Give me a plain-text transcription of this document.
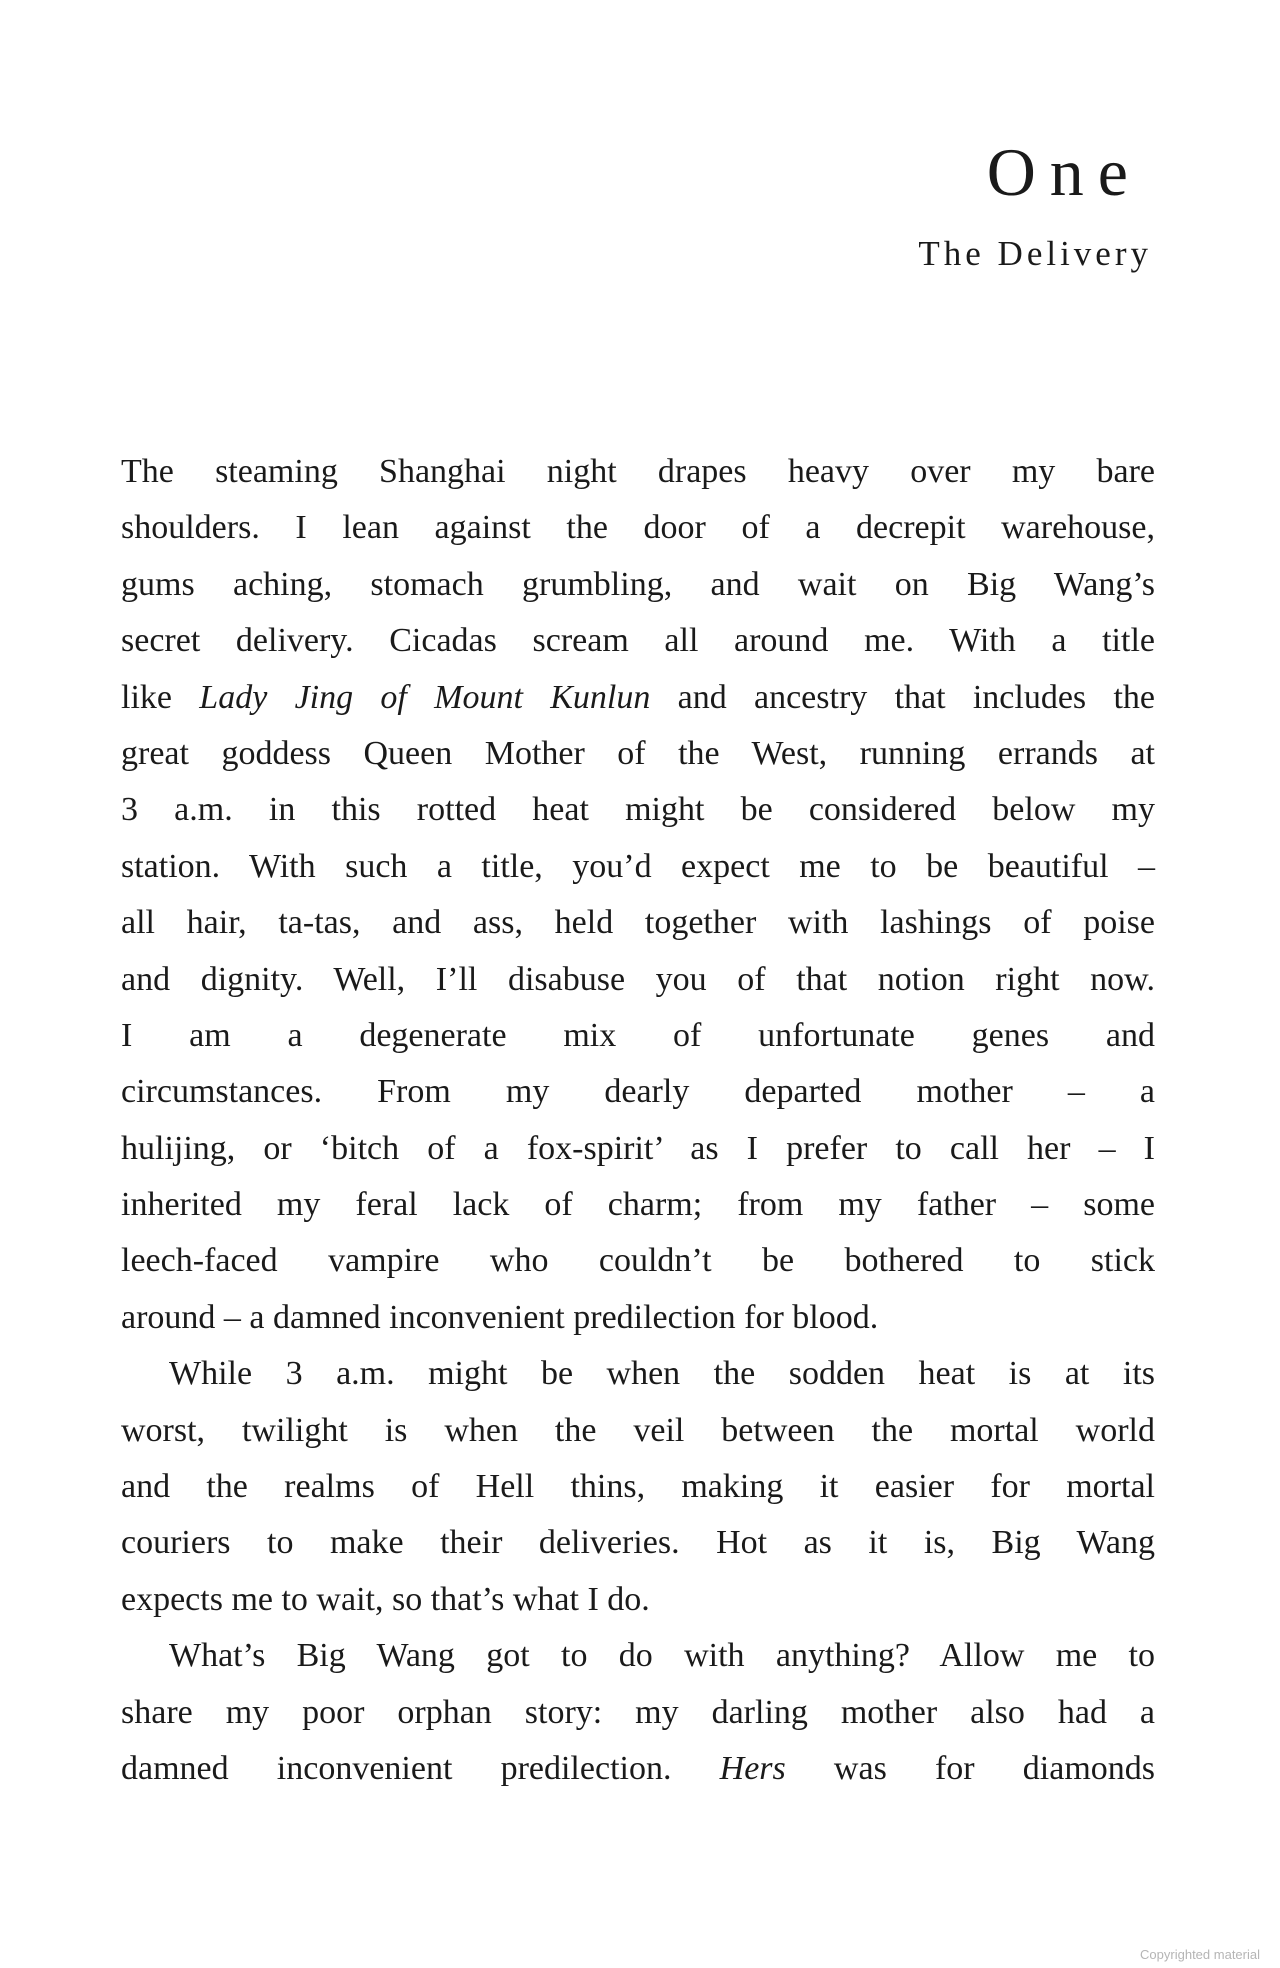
One
The Delivery
The steaming Shanghai night drapes heavy over my bare
shoulders. I lean against the door of a decrepit warehouse,
gums aching, stomach grumbling, and wait on Big Wang’s
secret delivery. Cicadas scream all around me. With a title
like Lady Jing of Mount Kunlun and ancestry that includes the
great goddess Queen Mother of the West, running errands at
3 a.m. in this rotted heat might be considered below my
station. With such a title, you’d expect me to be beautiful –
all hair, ta-tas, and ass, held together with lashings of poise
and dignity. Well, I’ll disabuse you of that notion right now.
I am a degenerate mix of unfortunate genes and
circumstances. From my dearly departed mother – a
hulijing, or ‘bitch of a fox-spirit’ as I prefer to call her – I
inherited my feral lack of charm; from my father – some
leech-faced vampire who couldn’t be bothered to stick
around – a damned inconvenient predilection for blood.
While 3 a.m. might be when the sodden heat is at its
worst, twilight is when the veil between the mortal world
and the realms of Hell thins, making it easier for mortal
couriers to make their deliveries. Hot as it is, Big Wang
expects me to wait, so that’s what I do.
What’s Big Wang got to do with anything? Allow me to
share my poor orphan story: my darling mother also had a
damned inconvenient predilection. Hers was for diamonds
Copyrighted material
